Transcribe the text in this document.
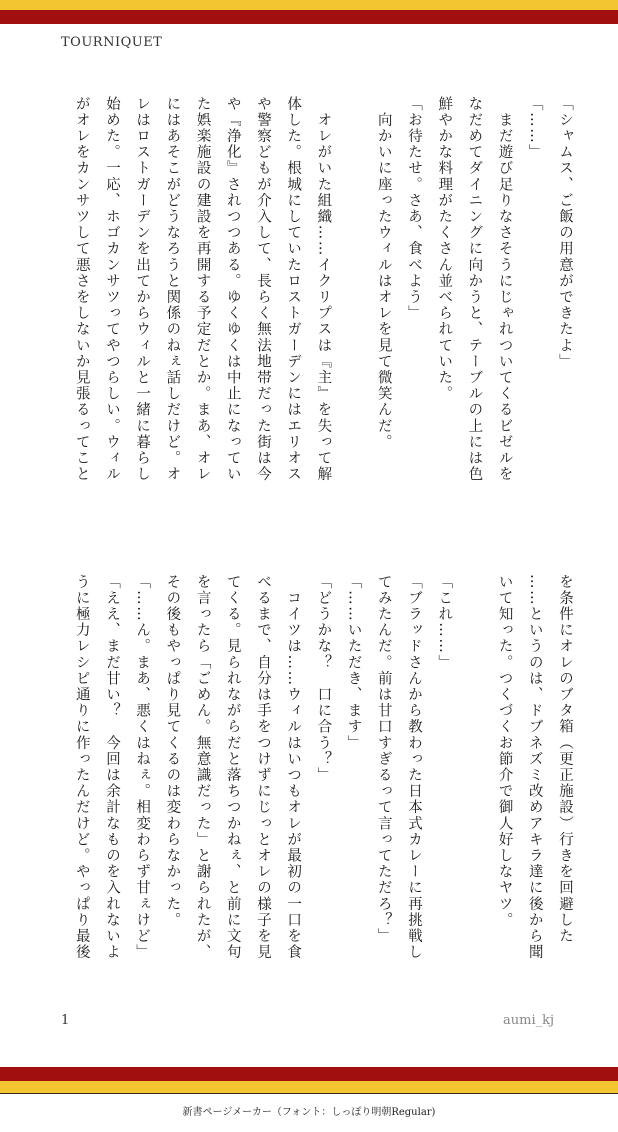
TOURNIQUET
「シャムス、ご飯の用意ができたよ」
「……」
　まだ遊び足りなさそうにじゃれついてくるビゼルを
なだめてダイニングに向かうと、テーブルの上には色
鮮やかな料理がたくさん並べられていた。
「お待たせ。さあ、食べよう」
　向かいに座ったウィルはオレを見て微笑んだ。
　オレがいた組織……イクリプスは『主』を失って解
体した。根城にしていたロストガーデンにはエリオス
や警察どもが介入して、長らく無法地帯だった街は今
や『浄化』されつつある。ゆくゆくは中止になってい
た娯楽施設の建設を再開する予定だとか。まあ、オレ
にはあそこがどうなろうと関係のねぇ話しだけど。オ
レはロストガーデンを出てからウィルと一緒に暮らし
始めた。一応、ホゴカンサツってやつらしい。ウィル
がオレをカンサツして悪さをしないか見張るってこと
を条件にオレのブタ箱（更正施設）行きを回避した
……というのは、ドブネズミ改めアキラ達に後から聞
いて知った。つくづくお節介で御人好しなヤツ。
「これ……」
「ブラッドさんから教わった日本式カレーに再挑戦し
てみたんだ。前は甘口すぎるって言ってただろ？」
「……いただき、ます」
「どうかな？　口に合う？」
　コイツは……ウィルはいつもオレが最初の一口を食
べるまで、自分は手をつけずにじっとオレの様子を見
てくる。見られながらだと落ちつかねぇ、と前に文句
を言ったら「ごめん。無意識だった」と謝られたが、
その後もやっぱり見てくるのは変わらなかった。
「……ん。まあ、悪くはねぇ。相変わらず甘ぇけど」
「ええ、まだ甘い？　今回は余計なものを入れないよ
うに極力レシピ通りに作ったんだけど。やっぱり最後
1	aumi_kj
新書ページメーカー（フォント：しっぽり明朝Regular)
